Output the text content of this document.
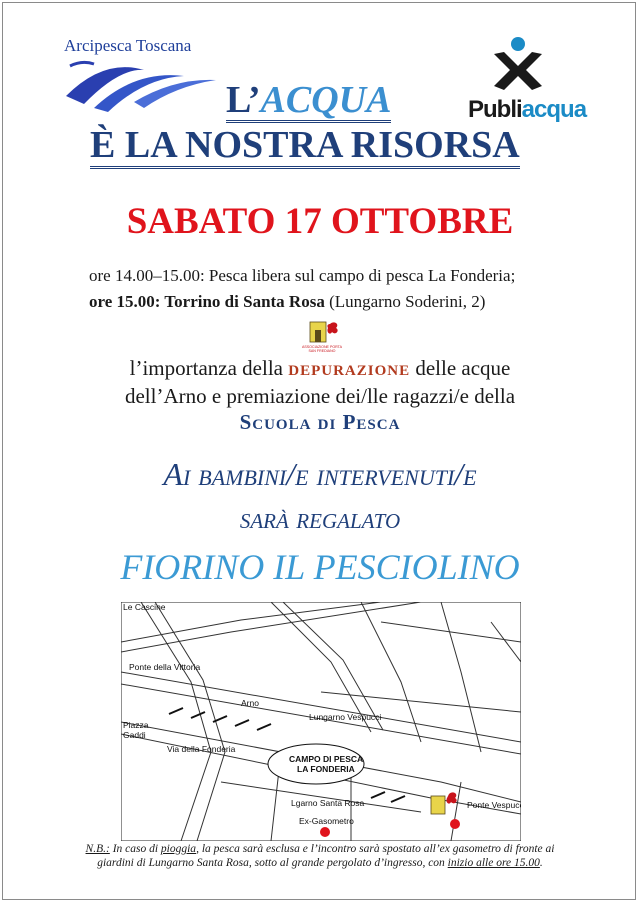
Arcipesca Toscana
Publiacqua
L’ACQUA
È LA NOSTRA RISORSA
SABATO 17 OTTOBRE
ore 14.00–15.00: Pesca libera sul campo di pesca La Fonderia;
ore 15.00: Torrino di Santa Rosa (Lungarno Soderini, 2)
ASSOCIAZIONE PORTA
SAN FREDIANO
l’importanza della depurazione delle acque
dell’Arno e premiazione dei/lle ragazzi/e della
Scuola di Pesca
Ai bambini/e intervenuti/e
sarà regalato
FIORINO IL PESCIOLINO
Le Cascine
Ponte della Vittoria
Arno
Lungarno Vespucci
Piazza
Gaddi
Via della Fonderia
CAMPO DI PESCA
LA FONDERIA
Lgarno Santa Rosa	Ponte Vespucci
Ex-Gasometro
N.B.: In caso di pioggia, la pesca sarà esclusa e l’incontro sarà spostato all’ex gasometro di fronte ai
giardini di Lungarno Santa Rosa, sotto al grande pergolato d’ingresso, con inizio alle ore 15.00.
